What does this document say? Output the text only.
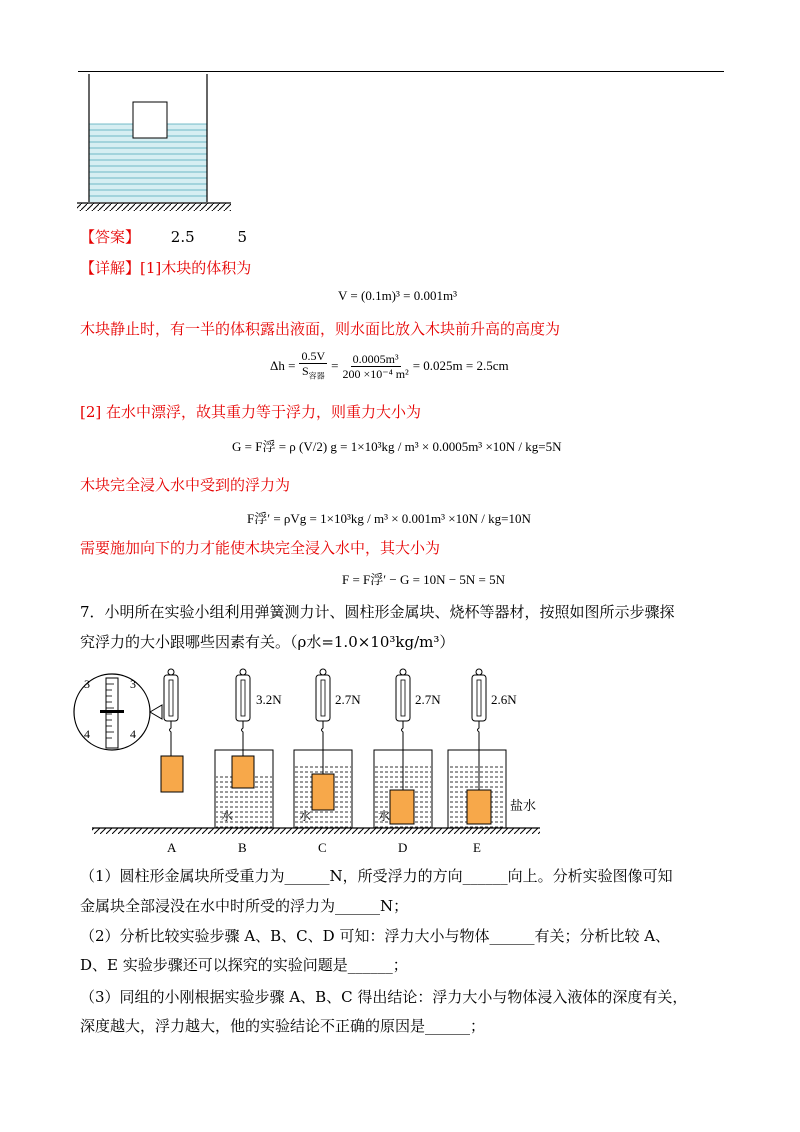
【答案】 2.5	5
【详解】[1]木块的体积为
V = (0.1m)³ = 0.001m³
木块静止时，有一半的体积露出液面，则水面比放入木块前升高的高度为
Δh =
0.5V
$S_{容器}$
= $\frac{\text{0.0005m³}}{\text{200 ×10⁻⁴ m²}} = 0.025m = 2.5cm$
[2] 在水中漂浮，故其重力等于浮力，则重力大小为
G = F浮 = ρ (V/2) g = 1×10³kg / m³ × 0.0005m³ ×10N / kg=5N
木块完全浸入水中受到的浮力为
F浮′ = ρVg = 1×10³kg / m³ × 0.001m³ ×10N / kg=10N
需要施加向下的力才能使木块完全浸入水中，其大小为
F = F浮′ − G = 10N − 5N = 5N
7．小明所在实验小组利用弹簧测力计、圆柱形金属块、烧杯等器材，按照如图所示步骤探
究浮力的大小跟哪些因素有关。（ρ水=1.0×10³kg/m³）
3	3
4	4
3.2N	2.7N	2.7N	2.6N
水	水	水
盐水
A	B	C	D	E
（1）圆柱形金属块所受重力为______N，所受浮力的方向______向上。分析实验图像可知
金属块全部浸没在水中时所受的浮力为______N；
（2）分析比较实验步骤 A、B、C、D 可知：浮力大小与物体______有关；分析比较 A、
D、E 实验步骤还可以探究的实验问题是______；
（3）同组的小刚根据实验步骤 A、B、C 得出结论：浮力大小与物体浸入液体的深度有关，
深度越大，浮力越大，他的实验结论不正确的原因是______；
